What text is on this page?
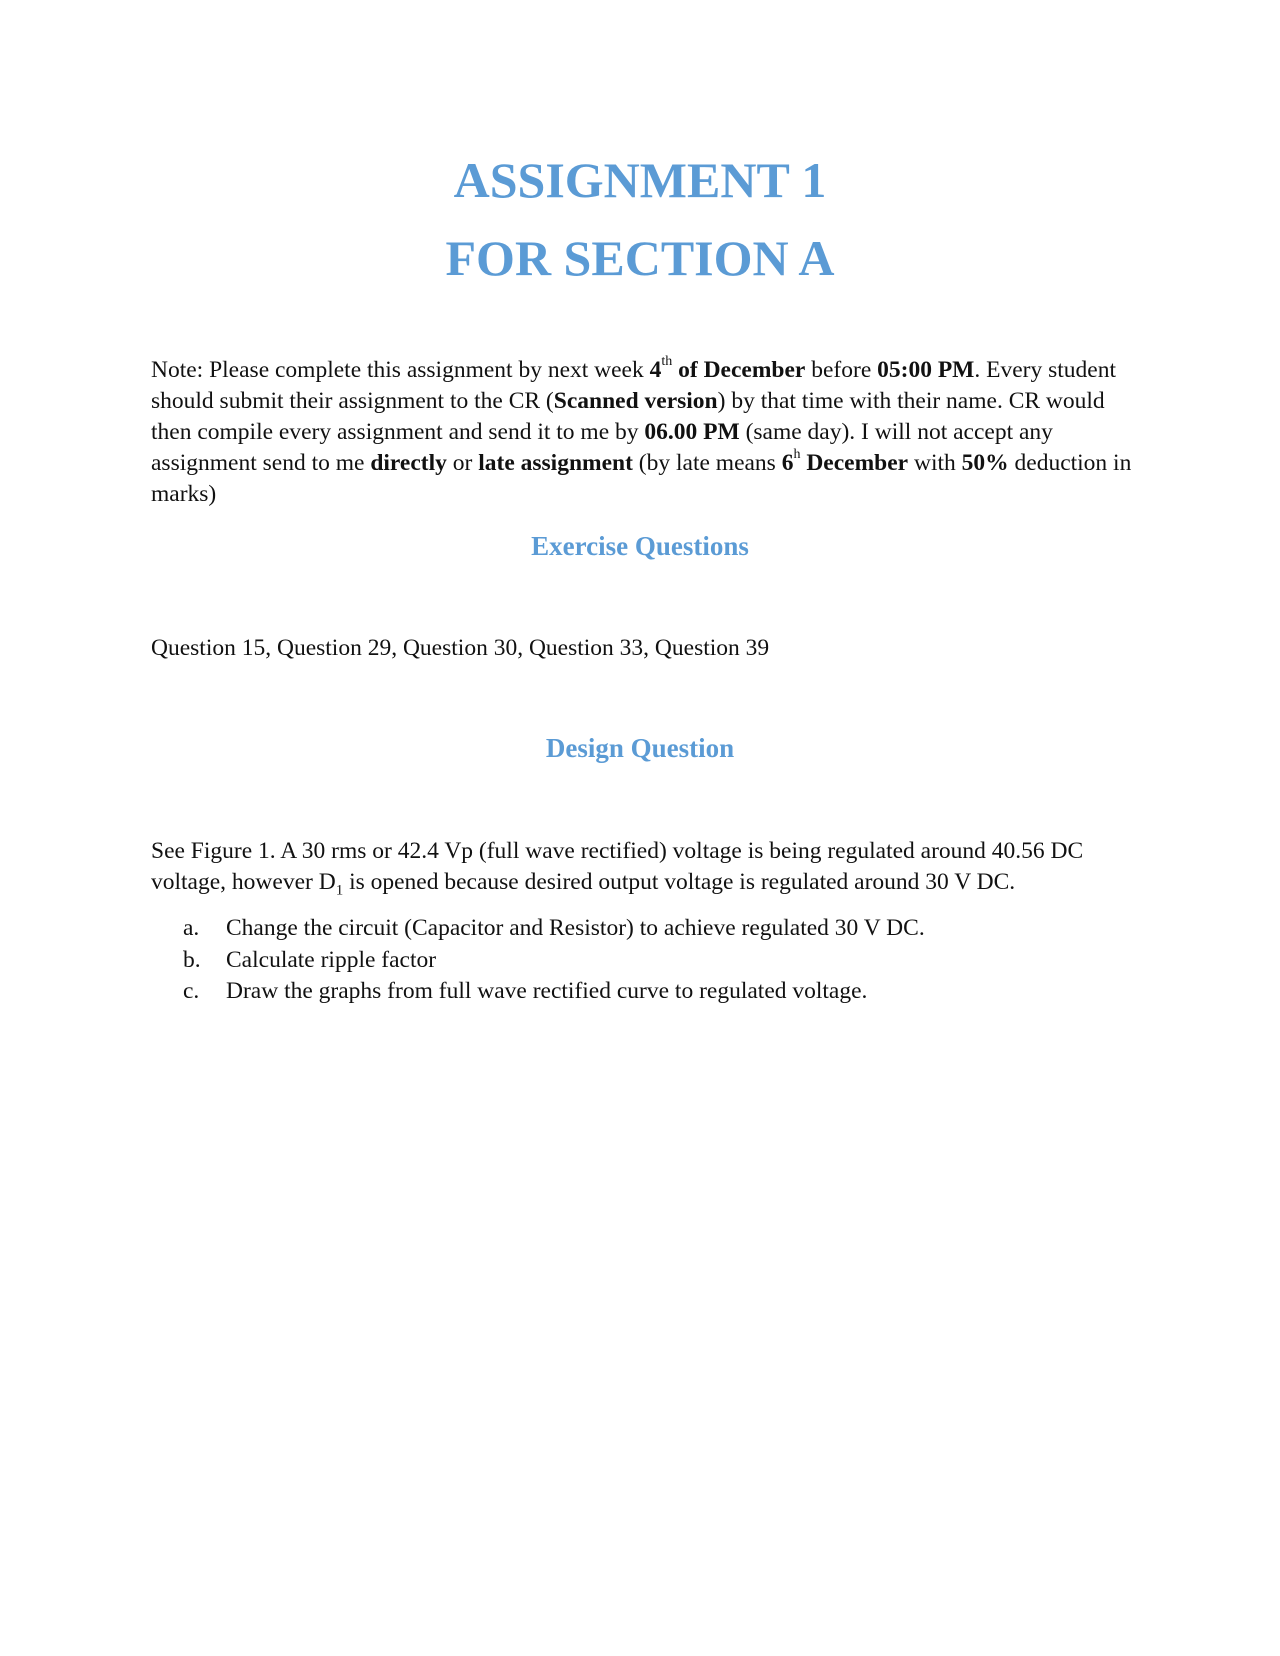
ASSIGNMENT 1
FOR SECTION A

Note: Please complete this assignment by next week 4th of December before 05:00 PM. Every student should submit their assignment to the CR (Scanned version) by that time with their name. CR would then compile every assignment and send it to me by 06.00 PM (same day). I will not accept any assignment send to me directly or late assignment (by late means 6$^h$ December with 50% deduction in marks)

Exercise Questions

Question 15, Question 29, Question 30, Question 33, Question 39

Design Question

See Figure 1. A 30 rms or 42.4 Vp (full wave rectified) voltage is being regulated around 40.56 DC voltage, however $D_1$ is opened because desired output voltage is regulated around 30 V DC.

a.	Change the circuit (Capacitor and Resistor) to achieve regulated 30 V DC.
b.	Calculate ripple factor
c.	Draw the graphs from full wave rectified curve to regulated voltage.
